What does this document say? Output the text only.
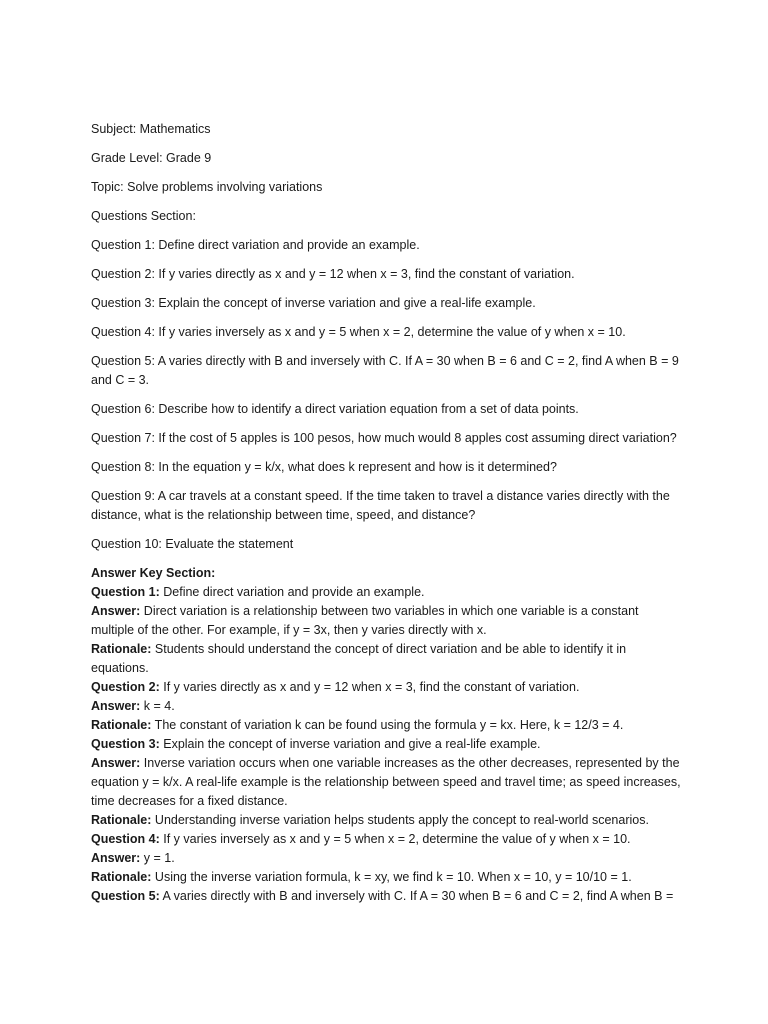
Subject: Mathematics

Grade Level: Grade 9

Topic: Solve problems involving variations

Questions Section:

Question 1: Define direct variation and provide an example.

Question 2: If y varies directly as x and y = 12 when x = 3, find the constant of variation.

Question 3: Explain the concept of inverse variation and give a real-life example.

Question 4: If y varies inversely as x and y = 5 when x = 2, determine the value of y when x = 10.

Question 5: A varies directly with B and inversely with C. If A = 30 when B = 6 and C = 2, find A when B = 9 and C = 3.

Question 6: Describe how to identify a direct variation equation from a set of data points.

Question 7: If the cost of 5 apples is 100 pesos, how much would 8 apples cost assuming direct variation?

Question 8: In the equation y = k/x, what does k represent and how is it determined?

Question 9: A car travels at a constant speed. If the time taken to travel a distance varies directly with the distance, what is the relationship between time, speed, and distance?

Question 10: Evaluate the statement

Answer Key Section:

Question 1: Define direct variation and provide an example.

Answer: Direct variation is a relationship between two variables in which one variable is a constant multiple of the other. For example, if y = 3x, then y varies directly with x.

Rationale: Students should understand the concept of direct variation and be able to identify it in equations.

Question 2: If y varies directly as x and y = 12 when x = 3, find the constant of variation.

Answer: k = 4.

Rationale: The constant of variation k can be found using the formula y = kx. Here, k = 12/3 = 4.

Question 3: Explain the concept of inverse variation and give a real-life example.

Answer: Inverse variation occurs when one variable increases as the other decreases, represented by the equation y = k/x. A real-life example is the relationship between speed and travel time; as speed increases, time decreases for a fixed distance.

Rationale: Understanding inverse variation helps students apply the concept to real-world scenarios.

Question 4: If y varies inversely as x and y = 5 when x = 2, determine the value of y when x = 10.

Answer: y = 1.

Rationale: Using the inverse variation formula, k = xy, we find k = 10. When x = 10, y = 10/10 = 1.

Question 5: A varies directly with B and inversely with C. If A = 30 when B = 6 and C = 2, find A when B =
